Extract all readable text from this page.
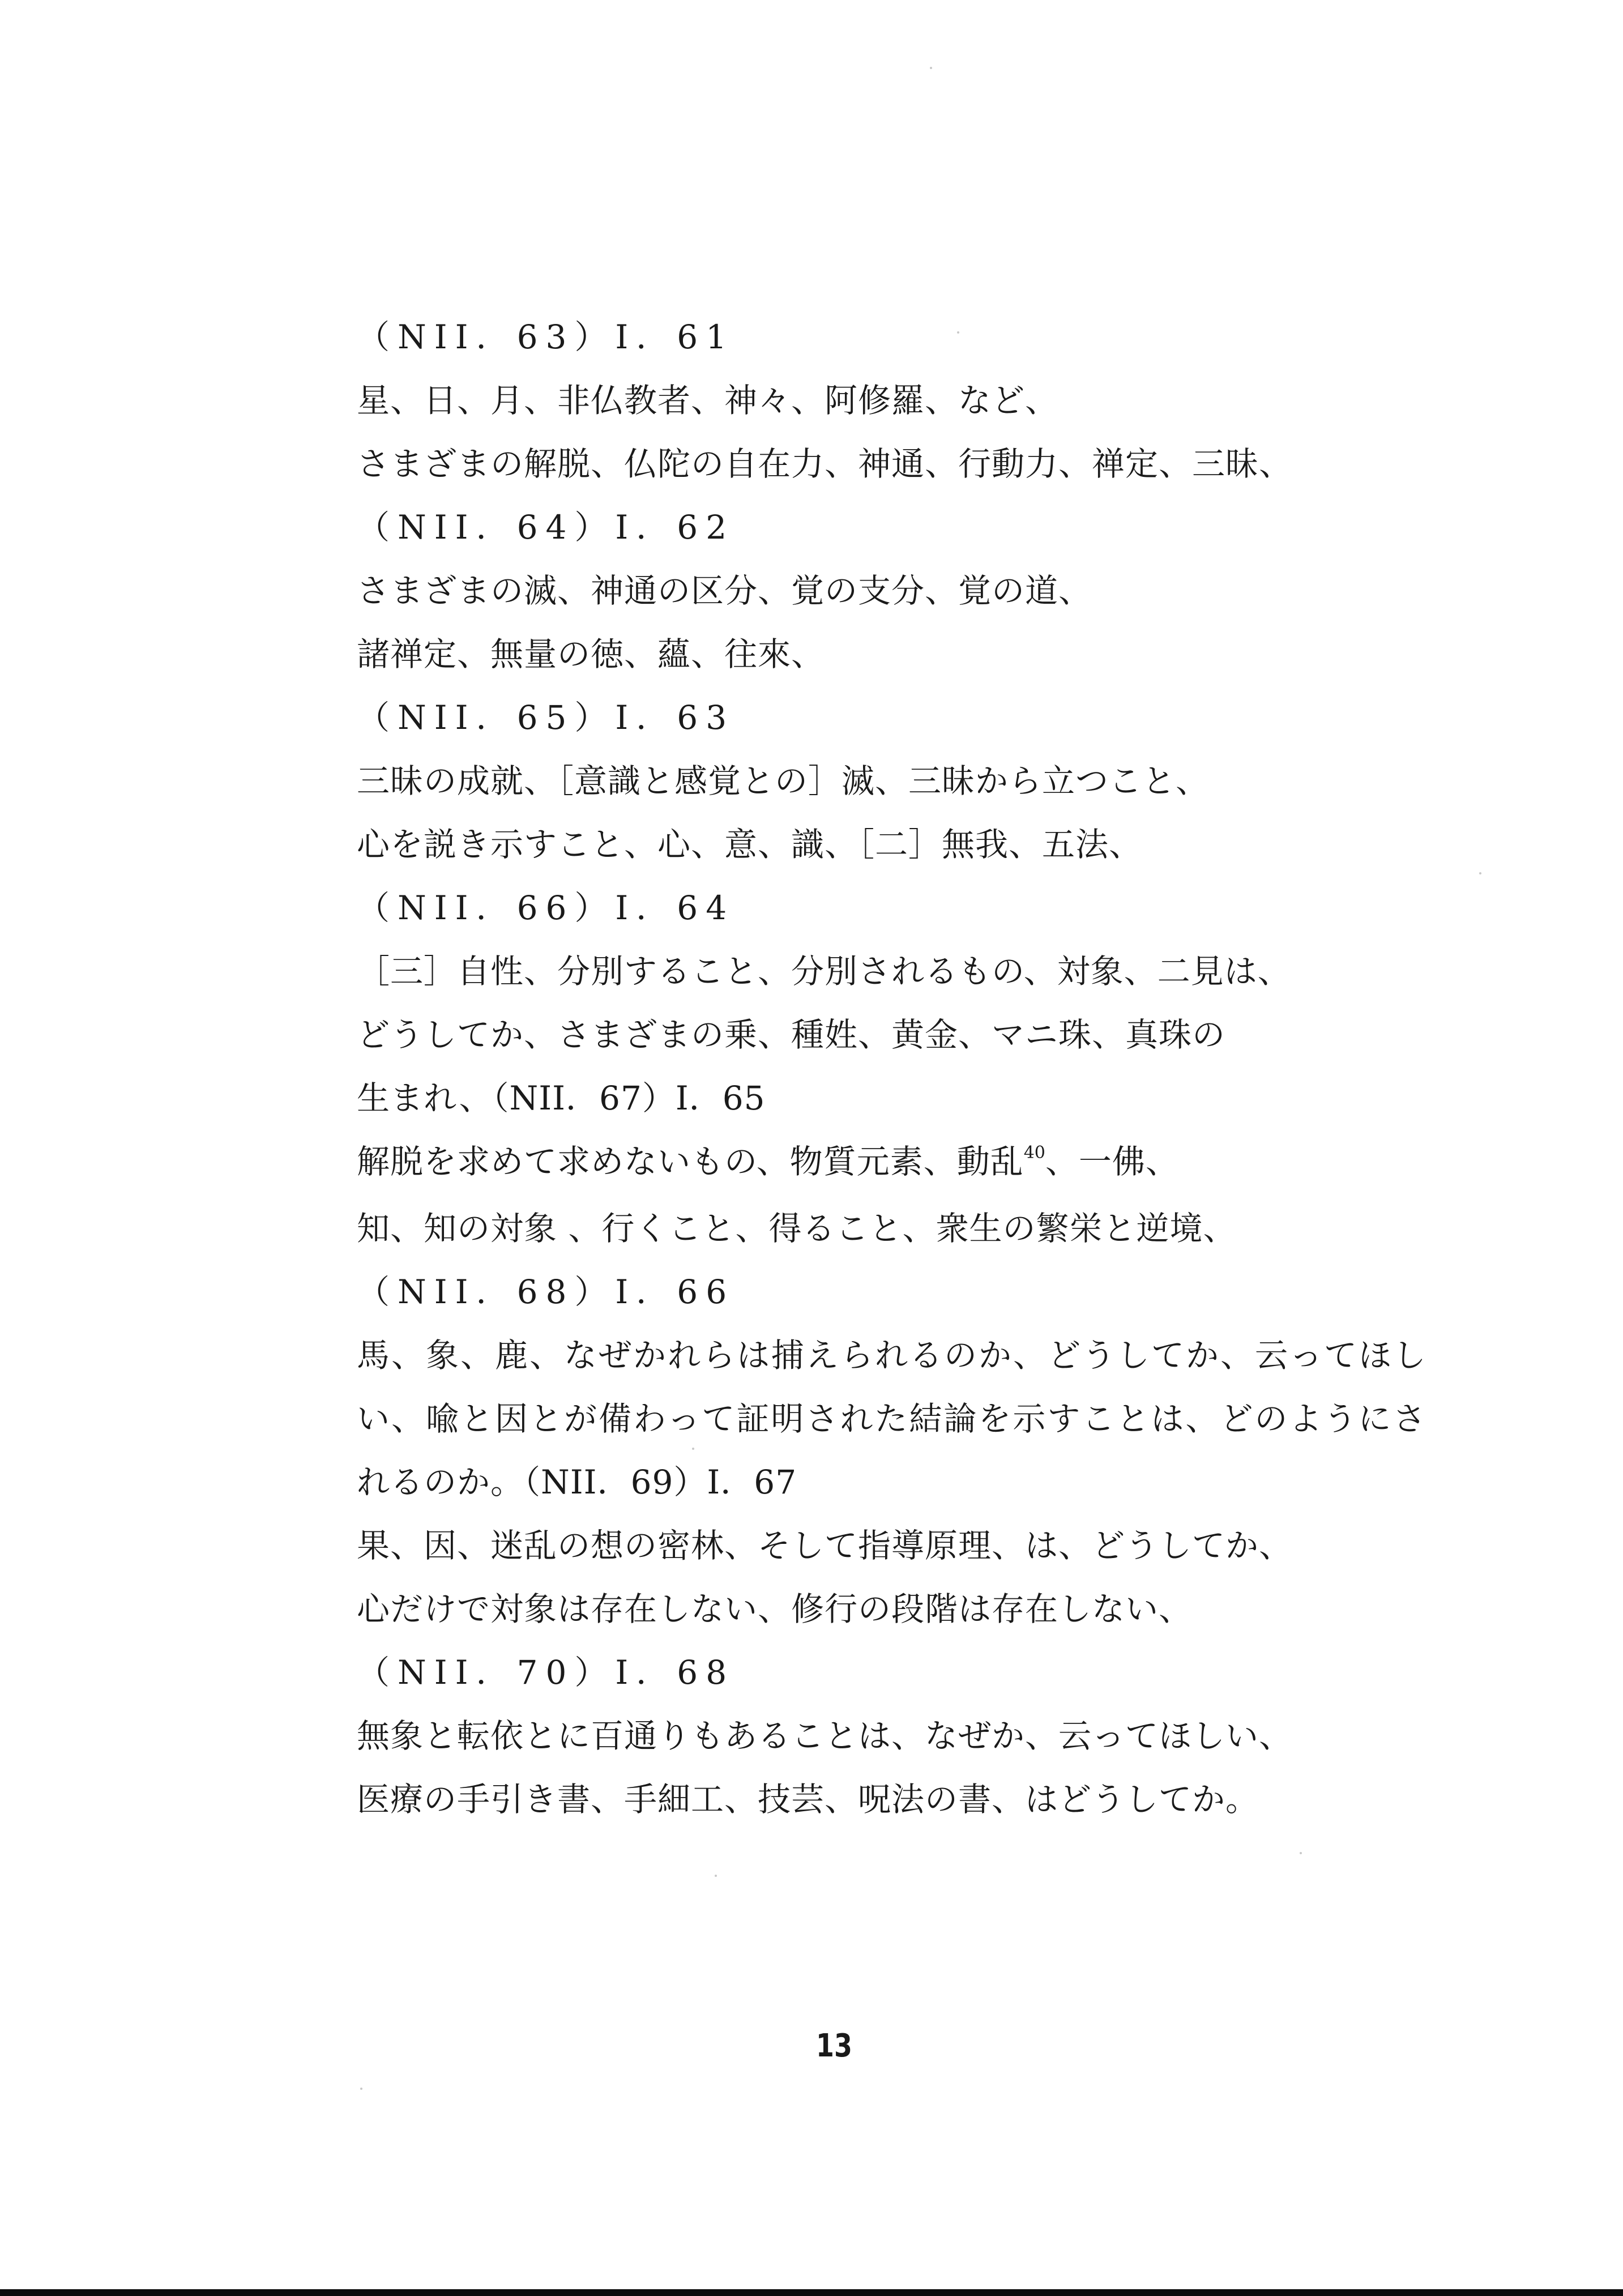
（NII．63）I．61
星、日、月、非仏教者、神々、阿修羅、など、
さまざまの解脱、仏陀の自在力、神通、行動力、禅定、三昧、
（NII．64）I．62
さまざまの滅、神通の区分、覚の支分、覚の道、
諸禅定、無量の徳、蘊、往來、
（NII．65）I．63
三昧の成就、［意識と感覚との］滅、三昧から立つこと、
心を説き示すこと、心、意、識、［二］無我、五法、
（NII．66）I．64
［三］自性、分別すること、分別されるもの、対象、二見は、
どうしてか、さまざまの乗、種姓、黄金、マニ珠、真珠の
生まれ、（NII．67）I．65
解脱を求めて求めないもの、物質元素、動乱$^{40}$、一佛、
知、知の対象 、行くこと、得ること、衆生の繁栄と逆境、
（NII．68）I．66
馬、象、鹿、なぜかれらは捕えられるのか、どうしてか、云ってほし
い、喩と因とが備わって証明された結論を示すことは、どのようにさ
れるのか。（NII．69）I．67
果、因、迷乱の想の密林、そして指導原理、は、どうしてか、
心だけで対象は存在しない、修行の段階は存在しない、
（NII．70）I．68
無象と転依とに百通りもあることは、なぜか、云ってほしい、
医療の手引き書、手細工、技芸、呪法の書、はどうしてか。
13
